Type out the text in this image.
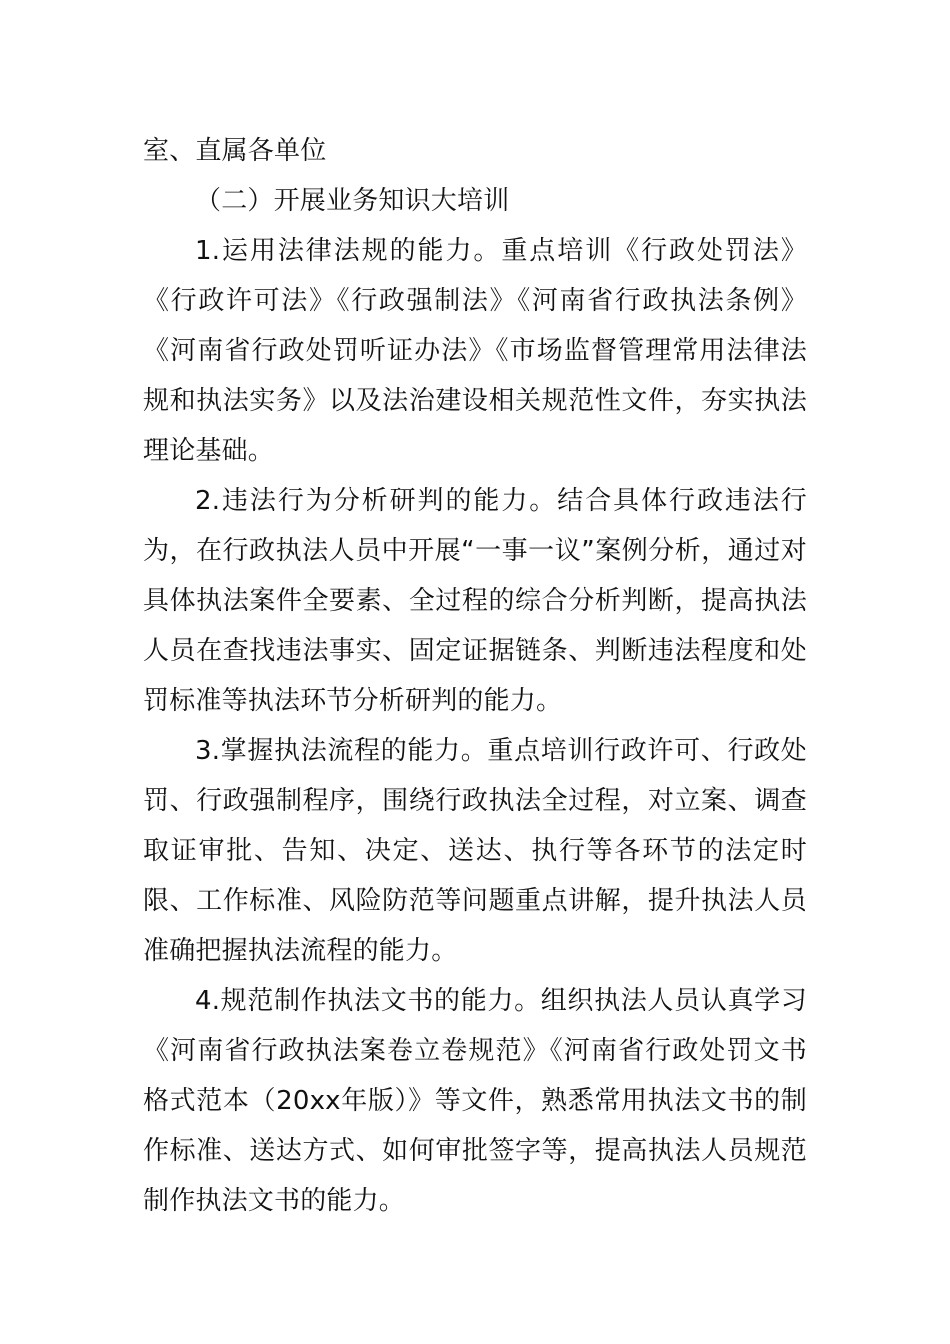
室、直属各单位

（二）开展业务知识大培训

1.运用法律法规的能力。重点培训《行政处罚法》《行政许可法》《行政强制法》《河南省行政执法条例》《河南省行政处罚听证办法》《市场监督管理常用法律法规和执法实务》以及法治建设相关规范性文件，夯实执法理论基础。

2.违法行为分析研判的能力。结合具体行政违法行为，在行政执法人员中开展“一事一议”案例分析，通过对具体执法案件全要素、全过程的综合分析判断，提高执法人员在查找违法事实、固定证据链条、判断违法程度和处罚标准等执法环节分析研判的能力。

3.掌握执法流程的能力。重点培训行政许可、行政处罚、行政强制程序，围绕行政执法全过程，对立案、调查取证审批、告知、决定、送达、执行等各环节的法定时限、工作标准、风险防范等问题重点讲解，提升执法人员准确把握执法流程的能力。

4.规范制作执法文书的能力。组织执法人员认真学习《河南省行政执法案卷立卷规范》《河南省行政处罚文书格式范本（20xx年版）》等文件，熟悉常用执法文书的制作标准、送达方式、如何审批签字等，提高执法人员规范制作执法文书的能力。
